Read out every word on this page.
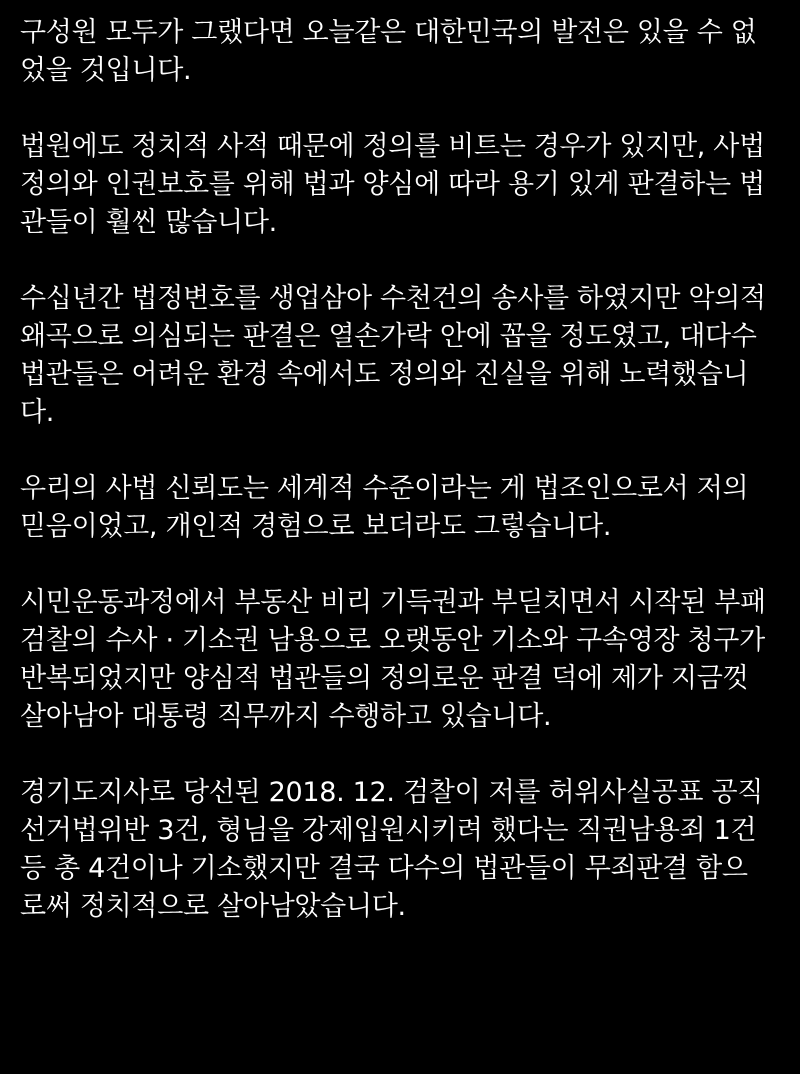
구성원 모두가 그랬다면 오늘같은 대한민국의 발전은 있을 수 없
었을 것입니다.

법원에도 정치적 사적 때문에 정의를 비트는 경우가 있지만, 사법
정의와 인권보호를 위해 법과 양심에 따라 용기 있게 판결하는 법
관들이 훨씬 많습니다.

수십년간 법정변호를 생업삼아 수천건의 송사를 하였지만 악의적
왜곡으로 의심되는 판결은 열손가락 안에 꼽을 정도였고, 대다수
법관들은 어려운 환경 속에서도 정의와 진실을 위해 노력했습니
다.

우리의 사법 신뢰도는 세계적 수준이라는 게 법조인으로서 저의
믿음이었고, 개인적 경험으로 보더라도 그렇습니다.

시민운동과정에서 부동산 비리 기득권과 부딛치면서 시작된 부패
검찰의 수사 · 기소권 남용으로 오랫동안 기소와 구속영장 청구가
반복되었지만 양심적 법관들의 정의로운 판결 덕에 제가 지금껏
살아남아 대통령 직무까지 수행하고 있습니다.

경기도지사로 당선된 2018. 12. 검찰이 저를 허위사실공표 공직
선거법위반 3건, 형님을 강제입원시키려 했다는 직권남용죄 1건
등 총 4건이나 기소했지만 결국 다수의 법관들이 무죄판결 함으
로써 정치적으로 살아남았습니다.
